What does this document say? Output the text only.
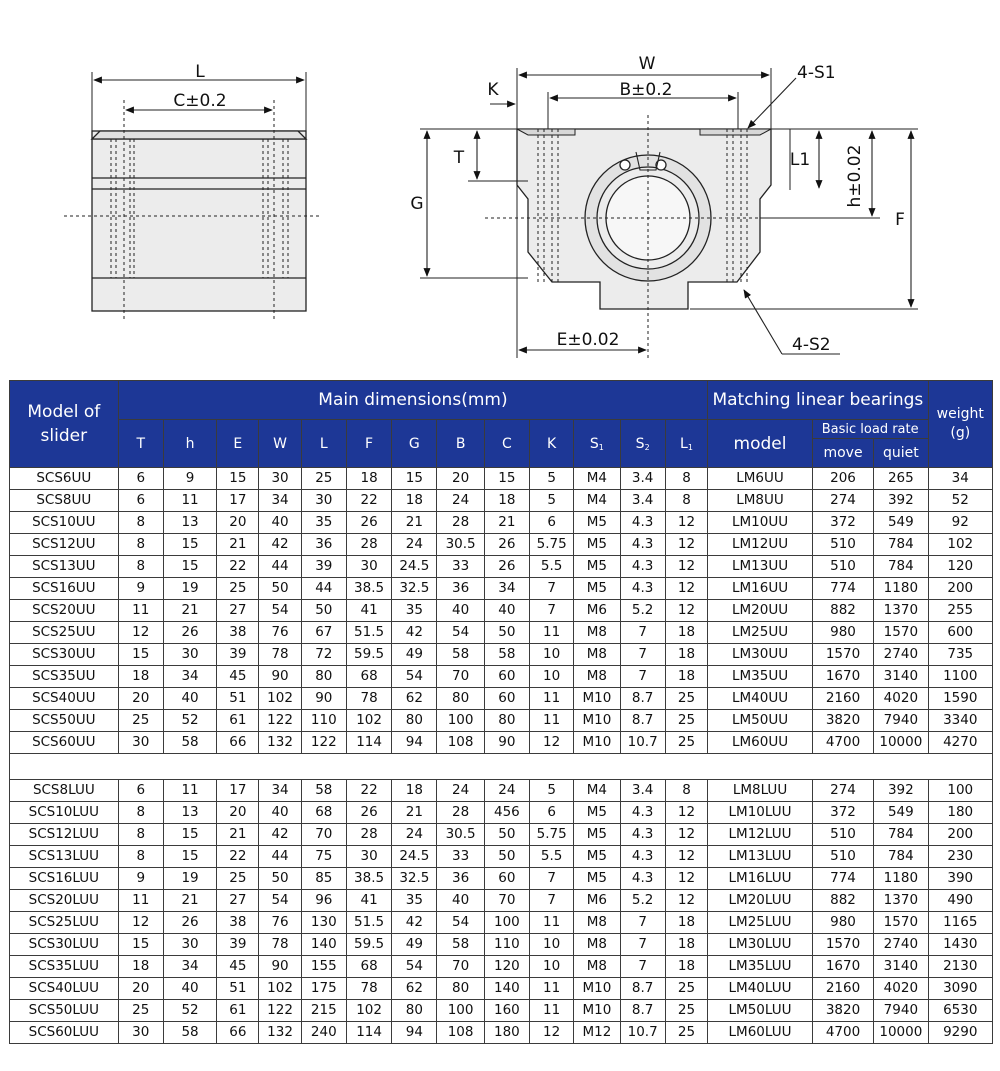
L
C±0.2
W
K	B±0.2
4-S1
T
G
L1 h±0.02
F
E±0.02	4-S2
Model of slider	Main dimensions(mm)													Matching linear bearings			weight (g)
	T	h	E	W	L	F	G	B	C	K	$S_1$	$S_2$	$L_1$	model	Basic load rate		
															move	quiet	
SCS6UU	6	9	15	30	25	18	15	20	15	5	M4	3.4	8	LM6UU	206	265	34
SCS8UU	6	11	17	34	30	22	18	24	18	5	M4	3.4	8	LM8UU	274	392	52
SCS10UU	8	13	20	40	35	26	21	28	21	6	M5	4.3	12	LM10UU	372	549	92
SCS12UU	8	15	21	42	36	28	24	30.5	26	5.75	M5	4.3	12	LM12UU	510	784	102
SCS13UU	8	15	22	44	39	30	24.5	33	26	5.5	M5	4.3	12	LM13UU	510	784	120
SCS16UU	9	19	25	50	44	38.5	32.5	36	34	7	M5	4.3	12	LM16UU	774	1180	200
SCS20UU	11	21	27	54	50	41	35	40	40	7	M6	5.2	12	LM20UU	882	1370	255
SCS25UU	12	26	38	76	67	51.5	42	54	50	11	M8	7	18	LM25UU	980	1570	600
SCS30UU	15	30	39	78	72	59.5	49	58	58	10	M8	7	18	LM30UU	1570	2740	735
SCS35UU	18	34	45	90	80	68	54	70	60	10	M8	7	18	LM35UU	1670	3140	1100
SCS40UU	20	40	51	102	90	78	62	80	60	11	M10	8.7	25	LM40UU	2160	4020	1590
SCS50UU	25	52	61	122	110	102	80	100	80	11	M10	8.7	25	LM50UU	3820	7940	3340
SCS60UU	30	58	66	132	122	114	94	108	90	12	M10	10.7	25	LM60UU	4700	10000	4270

SCS8LUU	6	11	17	34	58	22	18	24	24	5	M4	3.4	8	LM8LUU	274	392	100
SCS10LUU	8	13	20	40	68	26	21	28	456	6	M5	4.3	12	LM10LUU	372	549	180
SCS12LUU	8	15	21	42	70	28	24	30.5	50	5.75	M5	4.3	12	LM12LUU	510	784	200
SCS13LUU	8	15	22	44	75	30	24.5	33	50	5.5	M5	4.3	12	LM13LUU	510	784	230
SCS16LUU	9	19	25	50	85	38.5	32.5	36	60	7	M5	4.3	12	LM16LUU	774	1180	390
SCS20LUU	11	21	27	54	96	41	35	40	70	7	M6	5.2	12	LM20LUU	882	1370	490
SCS25LUU	12	26	38	76	130	51.5	42	54	100	11	M8	7	18	LM25LUU	980	1570	1165
SCS30LUU	15	30	39	78	140	59.5	49	58	110	10	M8	7	18	LM30LUU	1570	2740	1430
SCS35LUU	18	34	45	90	155	68	54	70	120	10	M8	7	18	LM35LUU	1670	3140	2130
SCS40LUU	20	40	51	102	175	78	62	80	140	11	M10	8.7	25	LM40LUU	2160	4020	3090
SCS50LUU	25	52	61	122	215	102	80	100	160	11	M10	8.7	25	LM50LUU	3820	7940	6530
SCS60LUU	30	58	66	132	240	114	94	108	180	12	M12	10.7	25	LM60LUU	4700	10000	9290
